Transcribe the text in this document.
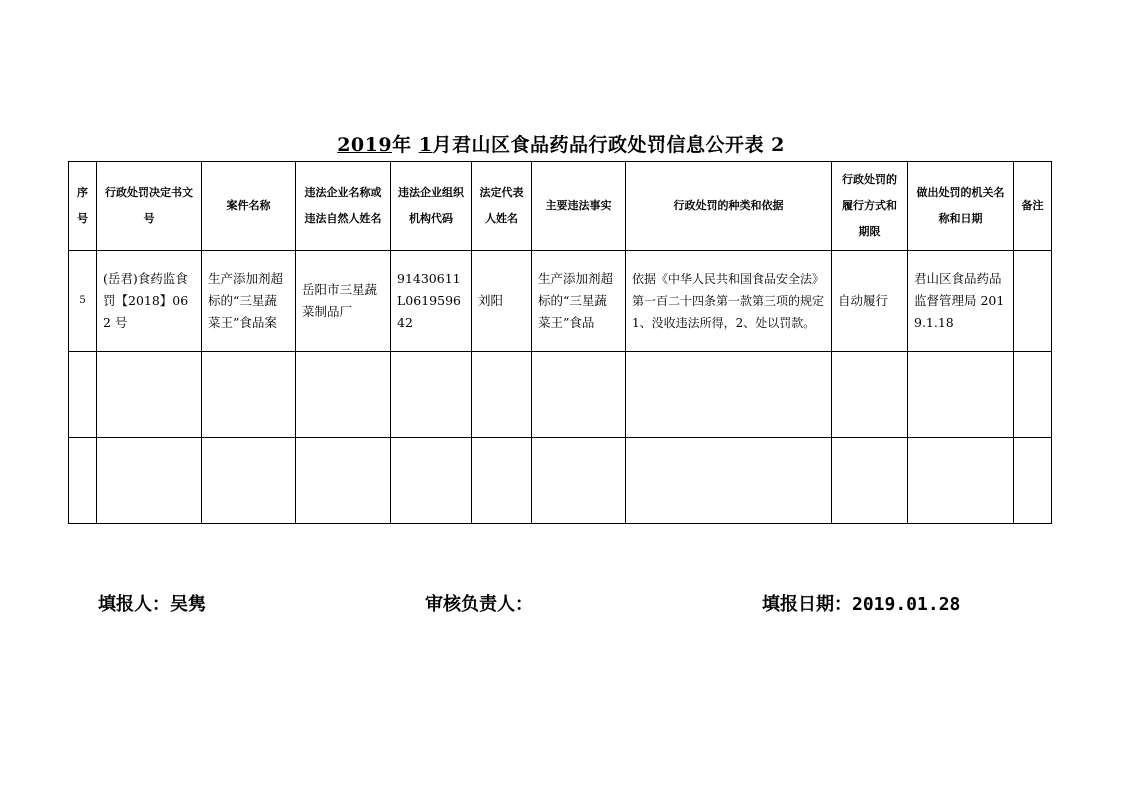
2019年 1月君山区食品药品行政处罚信息公开表 2
序号	行政处罚决定书文号	案件名称	违法企业名称或违法自然人姓名	违法企业组织机构代码	法定代表人姓名	主要违法事实	行政处罚的种类和依据	行政处罚的履行方式和期限	做出处罚的机关名称和日期	备注
5	(岳君)食药监食罚【2018】062 号	生产添加剂超标的“三星蔬菜王”食品案	岳阳市三星蔬菜制品厂	91430611L061959642	刘阳	生产添加剂超标的“三星蔬菜王”食品	依据《中华人民共和国食品安全法》第一百二十四条第一款第三项的规定 1、没收违法所得，2、处以罚款。	自动履行	君山区食品药品监督管理局 2019.1.18	

填报人：吴隽	审核负责人：	填报日期：2019.01.28
